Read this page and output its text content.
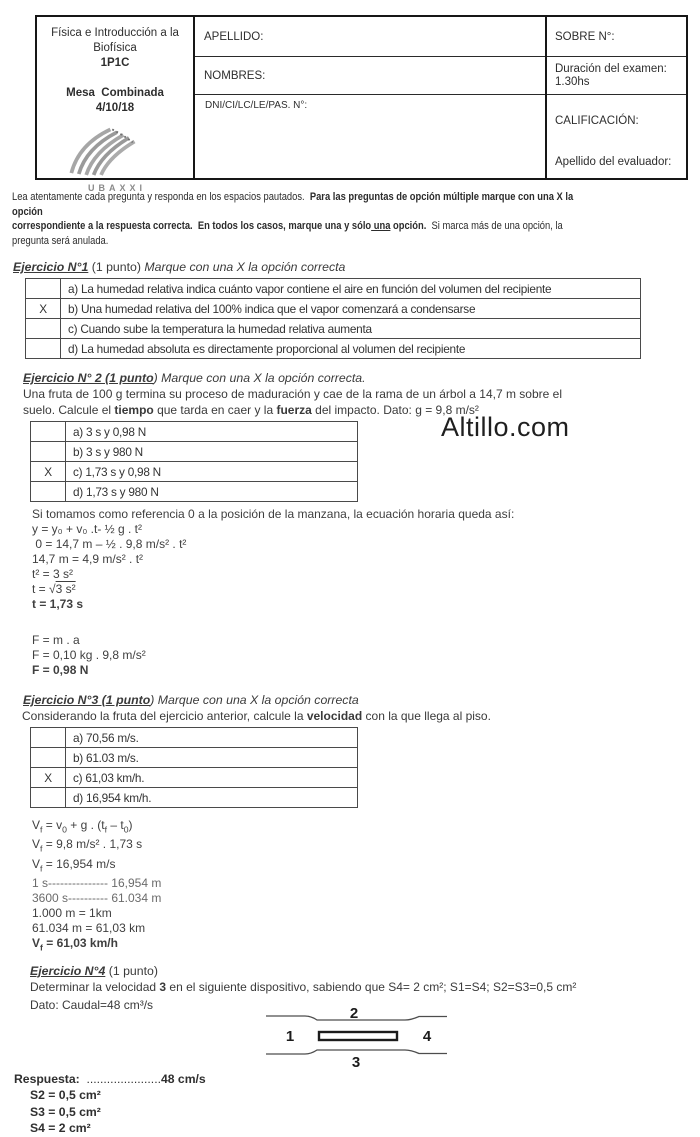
Física e Introducción a la
Biofísica
1P1C

Mesa  Combinada
4/10/18
UBAXXI
APELLIDO:
NOMBRES:
DNI/CI/LC/LE/PAS. N°:
SOBRE N°:
Duración del examen:
1.30hs
CALIFICACIÓN:
Apellido del evaluador:
Lea atentamente cada pregunta y responda en los espacios pautados.  Para las preguntas de opción múltiple marque con una X la opción
correspondiente a la respuesta correcta.  En todos los casos, marque una y sólo una opción.  Si marca más de una opción, la pregunta será anulada.
Ejercicio N°1 (1 punto) Marque con una X la opción correcta
	a) La humedad relativa indica cuánto vapor contiene el aire en función del volumen del recipiente
X	b) Una humedad relativa del 100% indica que el vapor comenzará a condensarse
	c) Cuando sube la temperatura la humedad relativa aumenta
	d) La humedad absoluta es directamente proporcional al volumen del recipiente
Ejercicio N° 2 (1 punto) Marque con una X la opción correcta.
Una fruta de 100 g termina su proceso de maduración y cae de la rama de un árbol a 14,7 m sobre el
suelo. Calcule el tiempo que tarda en caer y la fuerza del impacto. Dato: g = 9,8 m/s²
	a) 3 s y 0,98 N
	b) 3 s y 980 N
X	c) 1,73 s y 0,98 N
	d) 1,73 s y 980 N
Altillo.com
Si tomamos como referencia 0 a la posición de la manzana, la ecuación horaria queda así:
y = y₀ + v₀ .t- ½ g . t²
0 = 14,7 m – ½ . 9,8 m/s² . t²
14,7 m = 4,9 m/s² . t²
t² = 3 s²
t = √3 s²
t = 1,73 s
F = m . a
F = 0,10 kg . 9,8 m/s²
F = 0,98 N
Ejercicio N°3 (1 punto) Marque con una X la opción correcta
Considerando la fruta del ejercicio anterior, calcule la velocidad con la que llega al piso.
	a) 70,56 m/s.
	b) 61.03 m/s.
X	c) 61,03 km/h.
	d) 16,954 km/h.
$V_f = v_0 + g$ . $(t_f - t_0)$
$V_f = 9,8$ m/s² . 1,73 s
$V_f = 16,954$ m/s
1 s--------------- 16,954 m
3600 s---------- 61.034 m
1.000 m = 1km
61.034 m = 61,03 km
$V_f = 61,03$ km/h
Ejercicio N°4 (1 punto)
Determinar la velocidad 3 en el siguiente dispositivo, sabiendo que S4= 2 cm²; S1=S4; S2=S3=0,5 cm²
Dato: Caudal=48 cm³/s	2
3
1	4
Respuesta:  ......................48 cm/s
S2 = 0,5 cm²
S3 = 0,5 cm²
S4 = 2 cm²
